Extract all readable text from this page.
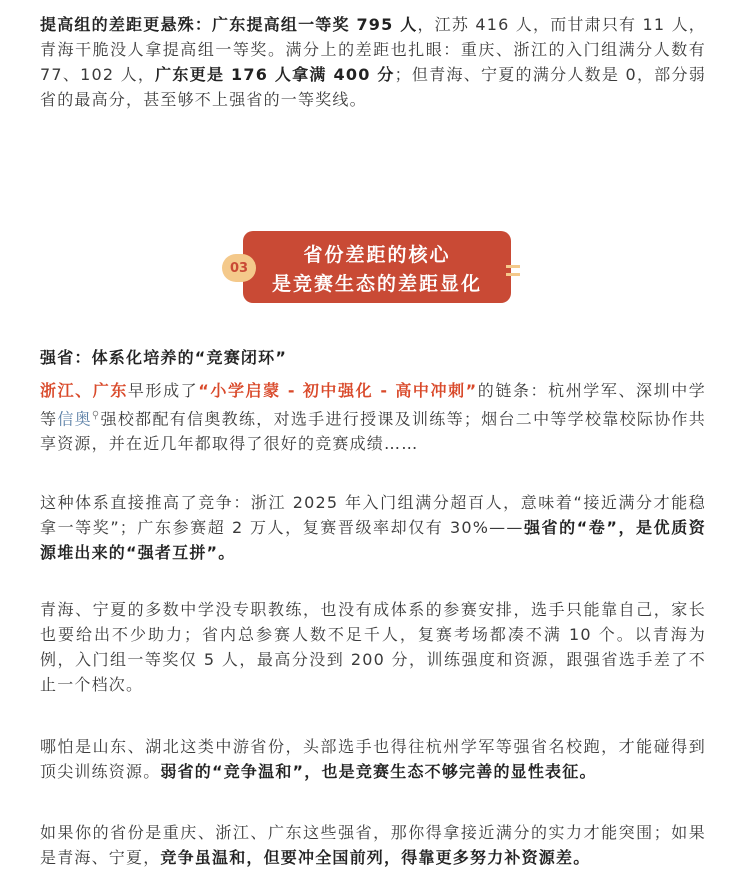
提高组的差距更悬殊：广东提高组一等奖 795 人，江苏 416 人，而甘肃只有 11 人，青海干脆没人拿提高组一等奖。满分上的差距也扎眼：重庆、浙江的入门组满分人数有 77、102 人，广东更是 176 人拿满 400 分；但青海、宁夏的满分人数是 0，部分弱省的最高分，甚至够不上强省的一等奖线。

省份差距的核心
是竞赛生态的差距显化
03
强省：体系化培养的“竞赛闭环”

浙江、广东早形成了“小学启蒙 - 初中强化 - 高中冲刺”的链条：杭州学军、深圳中学等信奥⚲强校都配有信奥教练，对选手进行授课及训练等；烟台二中等学校靠校际协作共享资源，并在近几年都取得了很好的竞赛成绩……

这种体系直接推高了竞争：浙江 2025 年入门组满分超百人，意味着“接近满分才能稳拿一等奖”；广东参赛超 2 万人，复赛晋级率却仅有 30%——强省的“卷”，是优质资源堆出来的“强者互拼”。

青海、宁夏的多数中学没专职教练，也没有成体系的参赛安排，选手只能靠自己，家长也要给出不少助力；省内总参赛人数不足千人，复赛考场都凑不满 10 个。以青海为例，入门组一等奖仅 5 人，最高分没到 200 分，训练强度和资源，跟强省选手差了不止一个档次。

哪怕是山东、湖北这类中游省份，头部选手也得往杭州学军等强省名校跑，才能碰得到顶尖训练资源。弱省的“竞争温和”，也是竞赛生态不够完善的显性表征。

如果你的省份是重庆、浙江、广东这些强省，那你得拿接近满分的实力才能突围；如果是青海、宁夏，竞争虽温和，但要冲全国前列，得靠更多努力补资源差。
